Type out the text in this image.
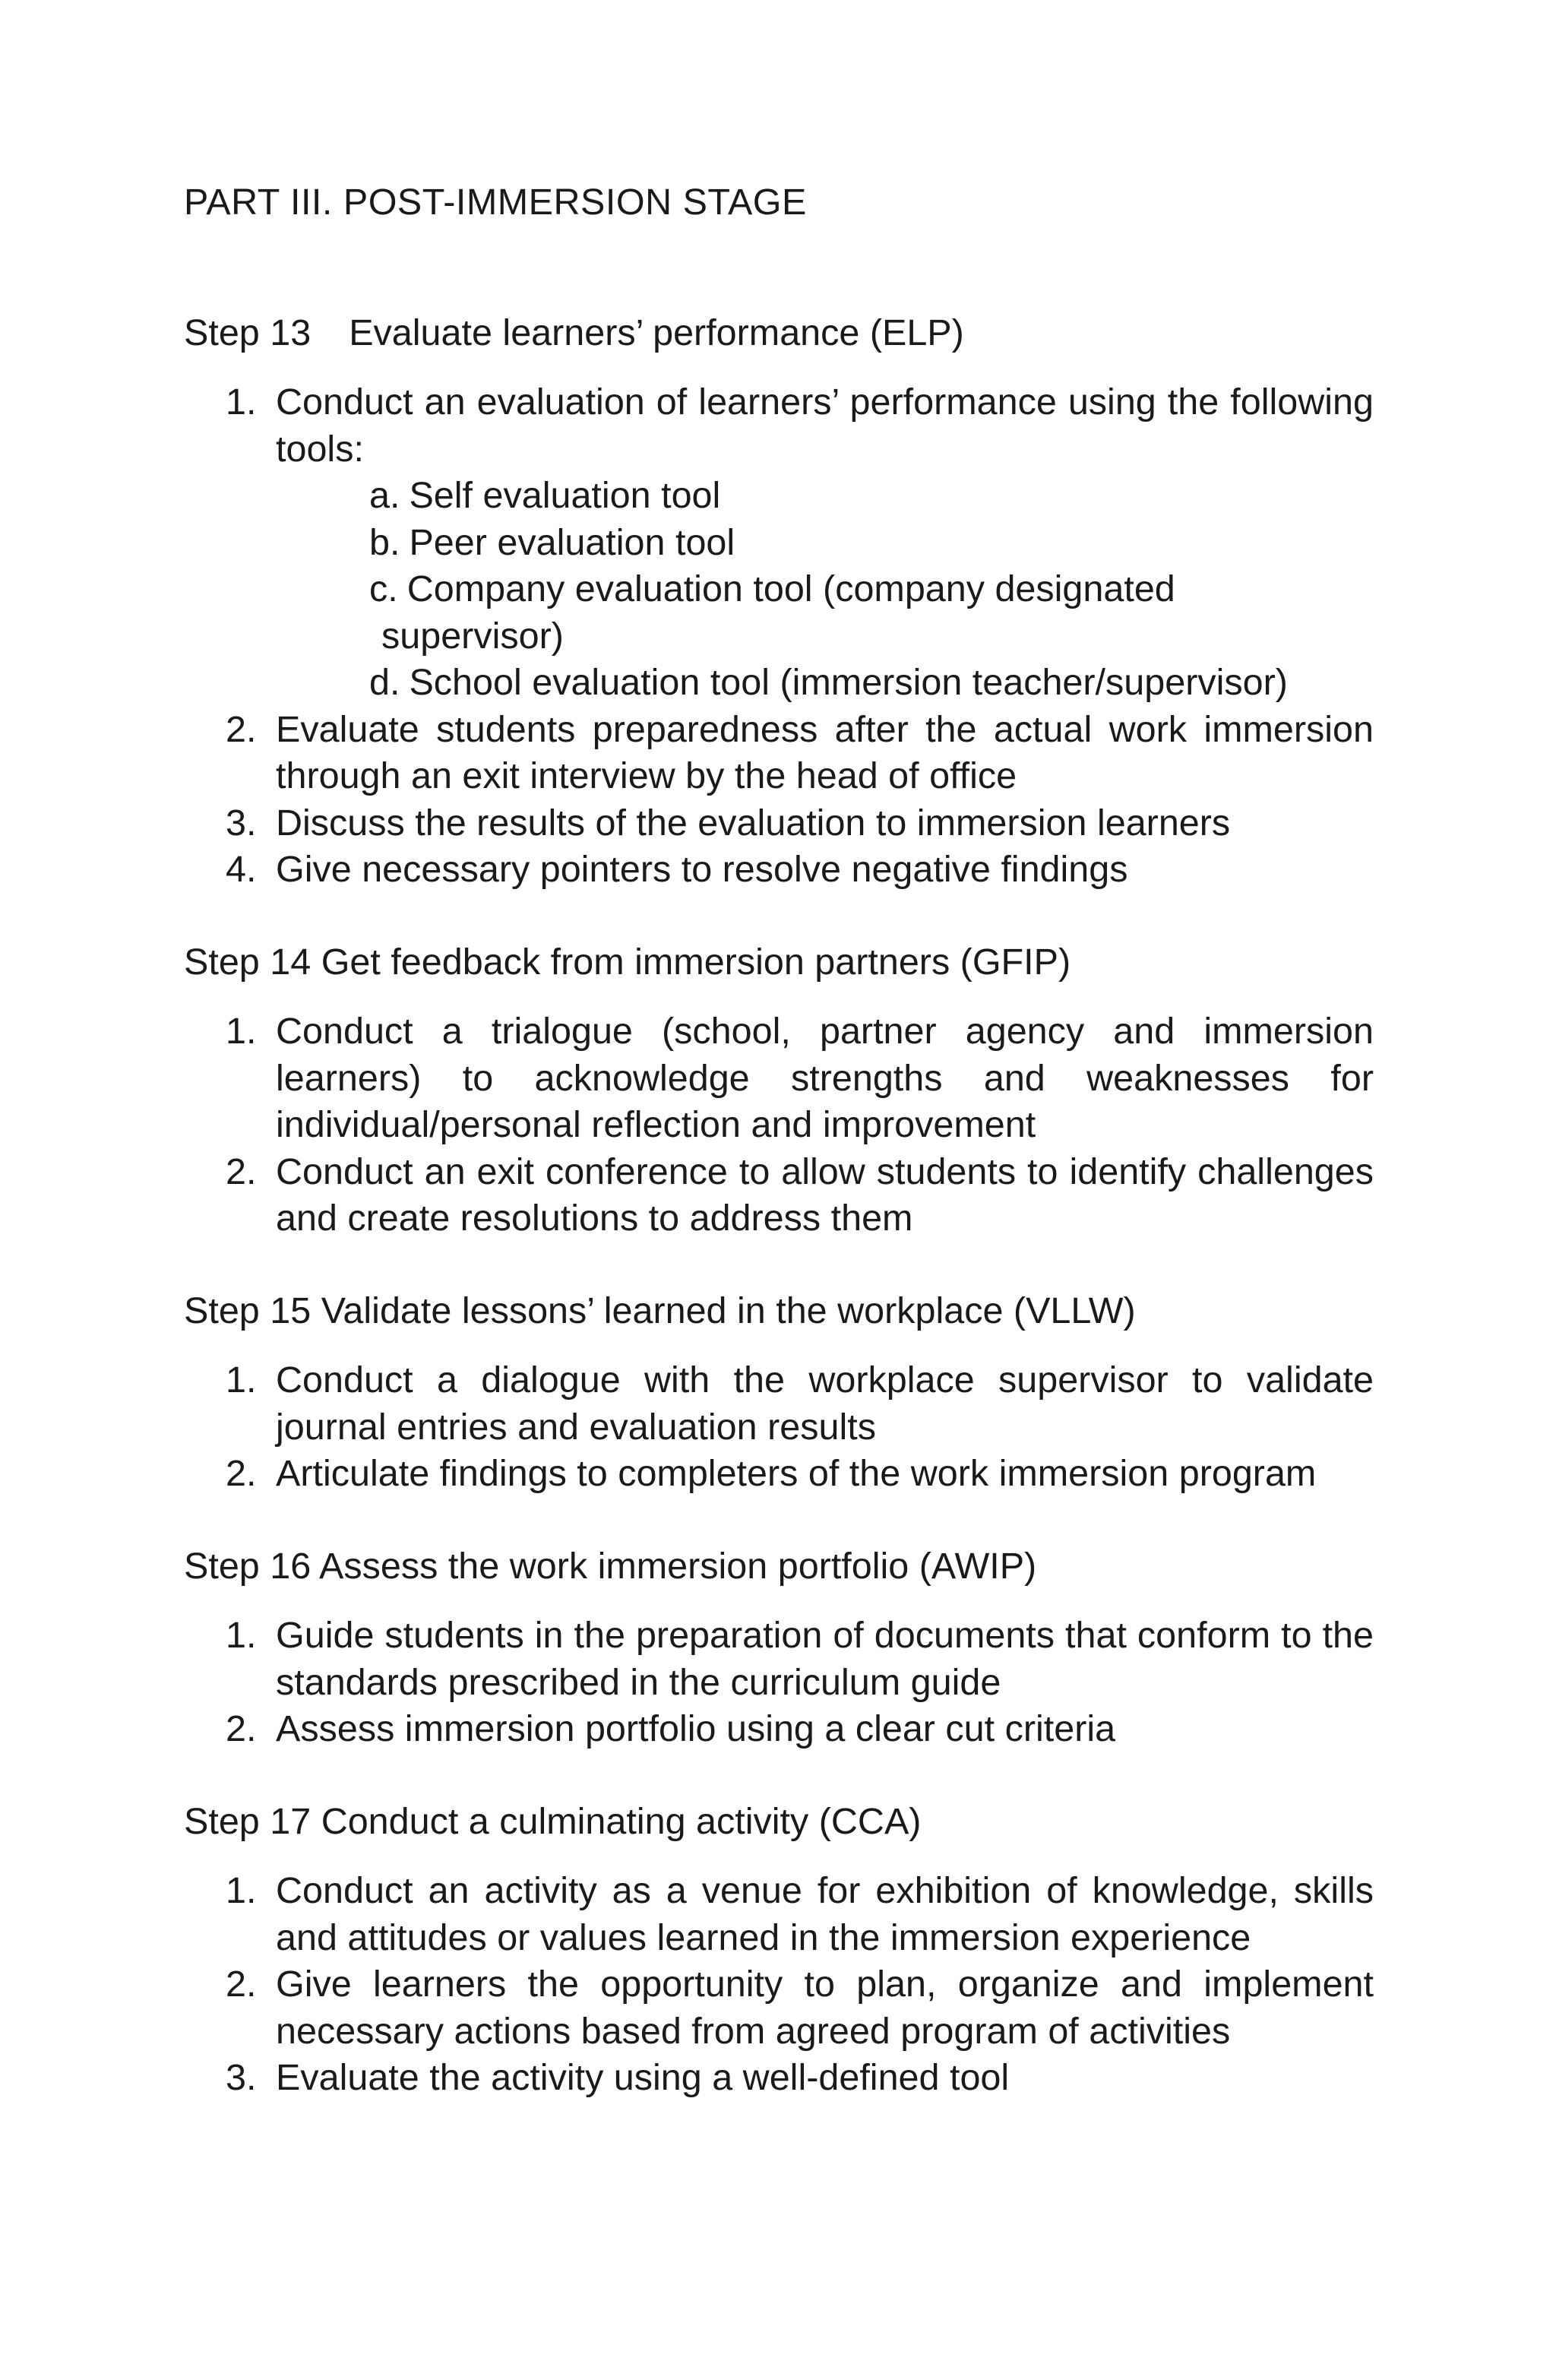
PART III. POST-IMMERSION STAGE
Step 13 Evaluate learners’ performance (ELP)
1. Conduct an evaluation of learners’ performance using the following tools:
a. Self evaluation tool
b. Peer evaluation tool
c. Company evaluation tool (company designated
supervisor)
d. School evaluation tool (immersion teacher/supervisor)
2. Evaluate students preparedness after the actual work immersion through an exit interview by the head of office
3. Discuss the results of the evaluation to immersion learners
4. Give necessary pointers to resolve negative findings
Step 14 Get feedback from immersion partners (GFIP)
1. Conduct a trialogue (school, partner agency and immersion learners) to acknowledge strengths and weaknesses for individual/personal reflection and improvement
2. Conduct an exit conference to allow students to identify challenges and create resolutions to address them
Step 15 Validate lessons’ learned in the workplace (VLLW)
1. Conduct a dialogue with the workplace supervisor to validate journal entries and evaluation results
2. Articulate findings to completers of the work immersion program
Step 16 Assess the work immersion portfolio (AWIP)
1. Guide students in the preparation of documents that conform to the standards prescribed in the curriculum guide
2. Assess immersion portfolio using a clear cut criteria
Step 17 Conduct a culminating activity (CCA)
1. Conduct an activity as a venue for exhibition of knowledge, skills and attitudes or values learned in the immersion experience
2. Give learners the opportunity to plan, organize and implement necessary actions based from agreed program of activities
3. Evaluate the activity using a well-defined tool
